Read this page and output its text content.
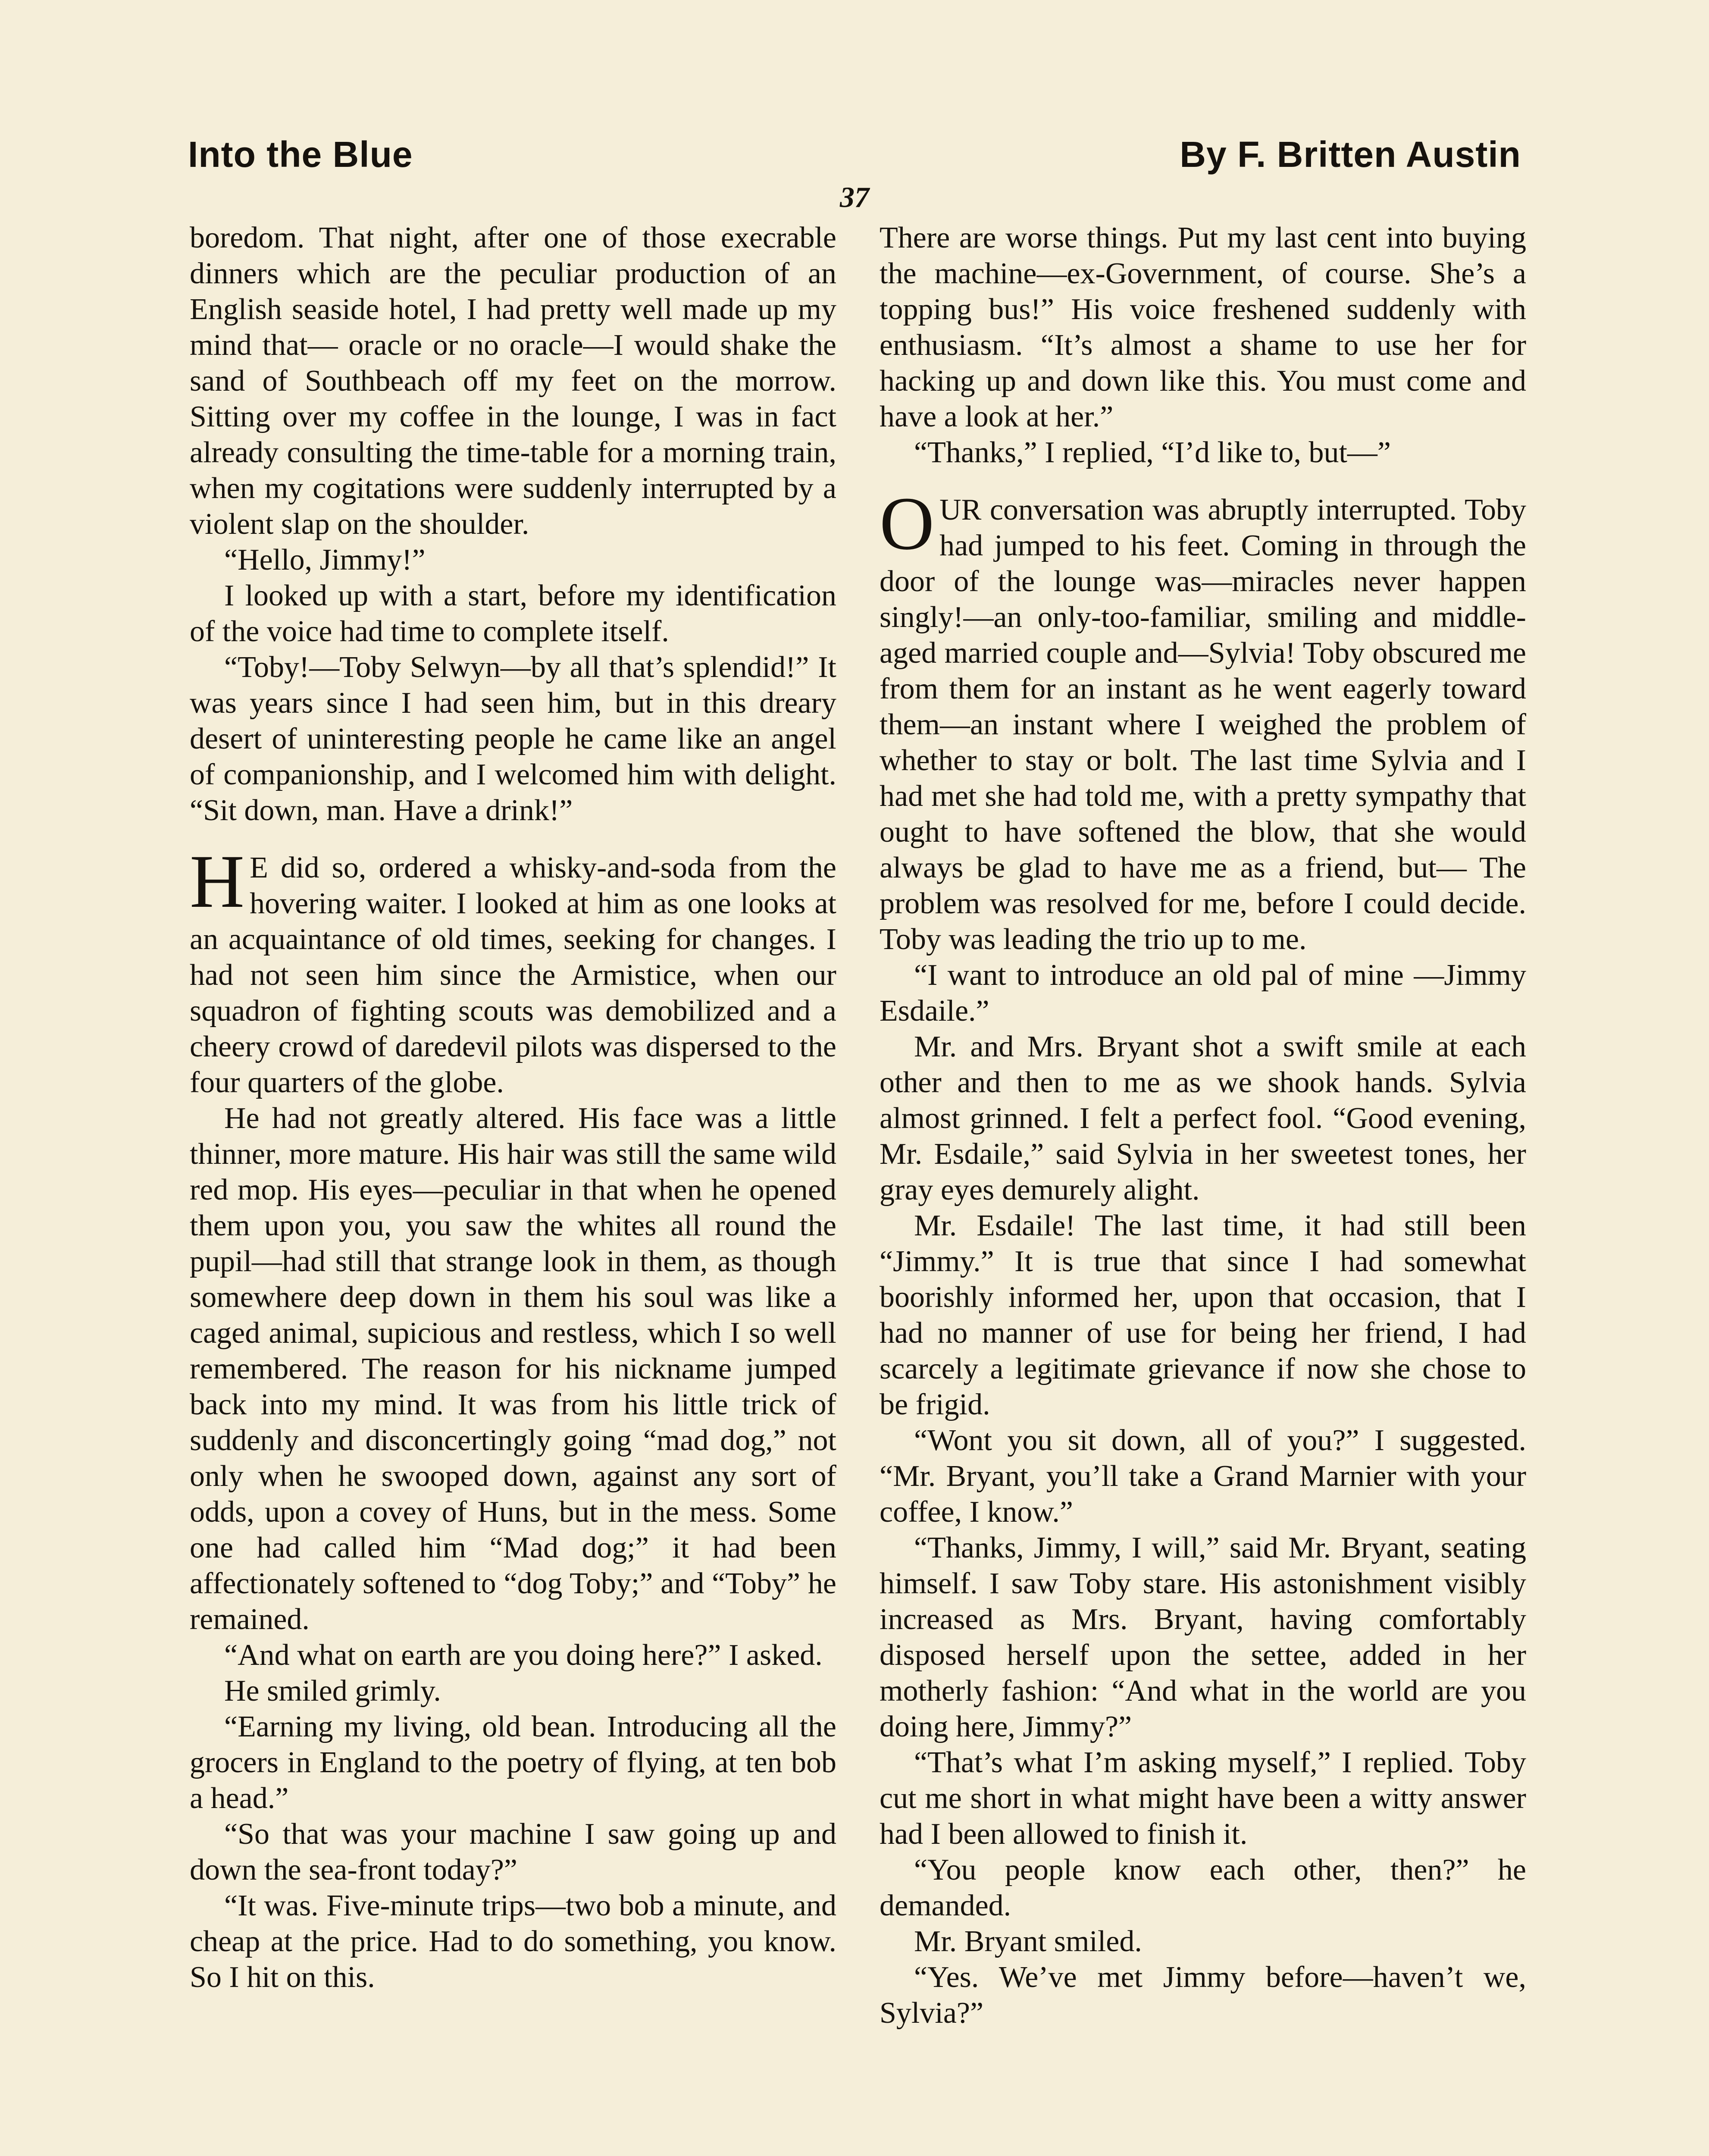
Into the Blue	By F. Britten Austin
37

boredom. That night, after one of those execrable dinners which are the peculiar production of an English seaside hotel, I had pretty well made up my mind that— oracle or no oracle—I would shake the sand of Southbeach off my feet on the morrow. Sitting over my coffee in the lounge, I was in fact already consulting the time-table for a morning train, when my cogitations were suddenly interrupted by a violent slap on the shoulder.

“Hello, Jimmy!”

I looked up with a start, before my identification of the voice had time to complete itself.

“Toby!—Toby Selwyn—by all that’s splendid!” It was years since I had seen him, but in this dreary desert of uninteresting people he came like an angel of companionship, and I welcomed him with delight. “Sit down, man. Have a drink!”

H E did so, ordered a whisky-and-soda from the hovering waiter. I looked at him as one looks at an acquaintance of old times, seeking for changes. I had not seen him since the Armistice, when our squadron of fighting scouts was demobilized and a cheery crowd of daredevil pilots was dispersed to the four quarters of the globe.

He had not greatly altered. His face was a little thinner, more mature. His hair was still the same wild red mop. His eyes—peculiar in that when he opened them upon you, you saw the whites all round the pupil—had still that strange look in them, as though somewhere deep down in them his soul was like a caged animal, supicious and restless, which I so well remembered. The reason for his nickname jumped back into my mind. It was from his little trick of suddenly and disconcertingly going “mad dog,” not only when he swooped down, against any sort of odds, upon a covey of Huns, but in the mess. Some one had called him “Mad dog;” it had been affectionately softened to “dog Toby;” and “Toby” he remained.

“And what on earth are you doing here?” I asked.

He smiled grimly.

“Earning my living, old bean. Introducing all the grocers in England to the poetry of flying, at ten bob a head.”

“So that was your machine I saw going up and down the sea-front today?”

“It was. Five-minute trips—two bob a minute, and cheap at the price. Had to do something, you know. So I hit on this.

There are worse things. Put my last cent into buying the machine—ex-Government, of course. She’s a topping bus!” His voice freshened suddenly with enthusiasm. “It’s almost a shame to use her for hacking up and down like this. You must come and have a look at her.”

“Thanks,” I replied, “I’d like to, but—”

OUR conversation was abruptly interrupted. Toby had jumped to his feet. Coming in through the door of the lounge was—miracles never happen singly!—an only-too-familiar, smiling and middle-aged married couple and—Sylvia! Toby obscured me from them for an instant as he went eagerly toward them—an instant where I weighed the problem of whether to stay or bolt. The last time Sylvia and I had met she had told me, with a pretty sympathy that ought to have softened the blow, that she would always be glad to have me as a friend, but— The problem was resolved for me, before I could decide. Toby was leading the trio up to me.

“I want to introduce an old pal of mine —Jimmy Esdaile.”

Mr. and Mrs. Bryant shot a swift smile at each other and then to me as we shook hands. Sylvia almost grinned. I felt a perfect fool. “Good evening, Mr. Esdaile,” said Sylvia in her sweetest tones, her gray eyes demurely alight.

Mr. Esdaile! The last time, it had still been “Jimmy.” It is true that since I had somewhat boorishly informed her, upon that occasion, that I had no manner of use for being her friend, I had scarcely a legitimate grievance if now she chose to be frigid.

“Wont you sit down, all of you?” I suggested. “Mr. Bryant, you’ll take a Grand Marnier with your coffee, I know.”

“Thanks, Jimmy, I will,” said Mr. Bryant, seating himself. I saw Toby stare. His astonishment visibly increased as Mrs. Bryant, having comfortably disposed herself upon the settee, added in her motherly fashion: “And what in the world are you doing here, Jimmy?”

“That’s what I’m asking myself,” I replied. Toby cut me short in what might have been a witty answer had I been allowed to finish it.

“You people know each other, then?” he demanded.

Mr. Bryant smiled.

“Yes. We’ve met Jimmy before—haven’t we, Sylvia?”
